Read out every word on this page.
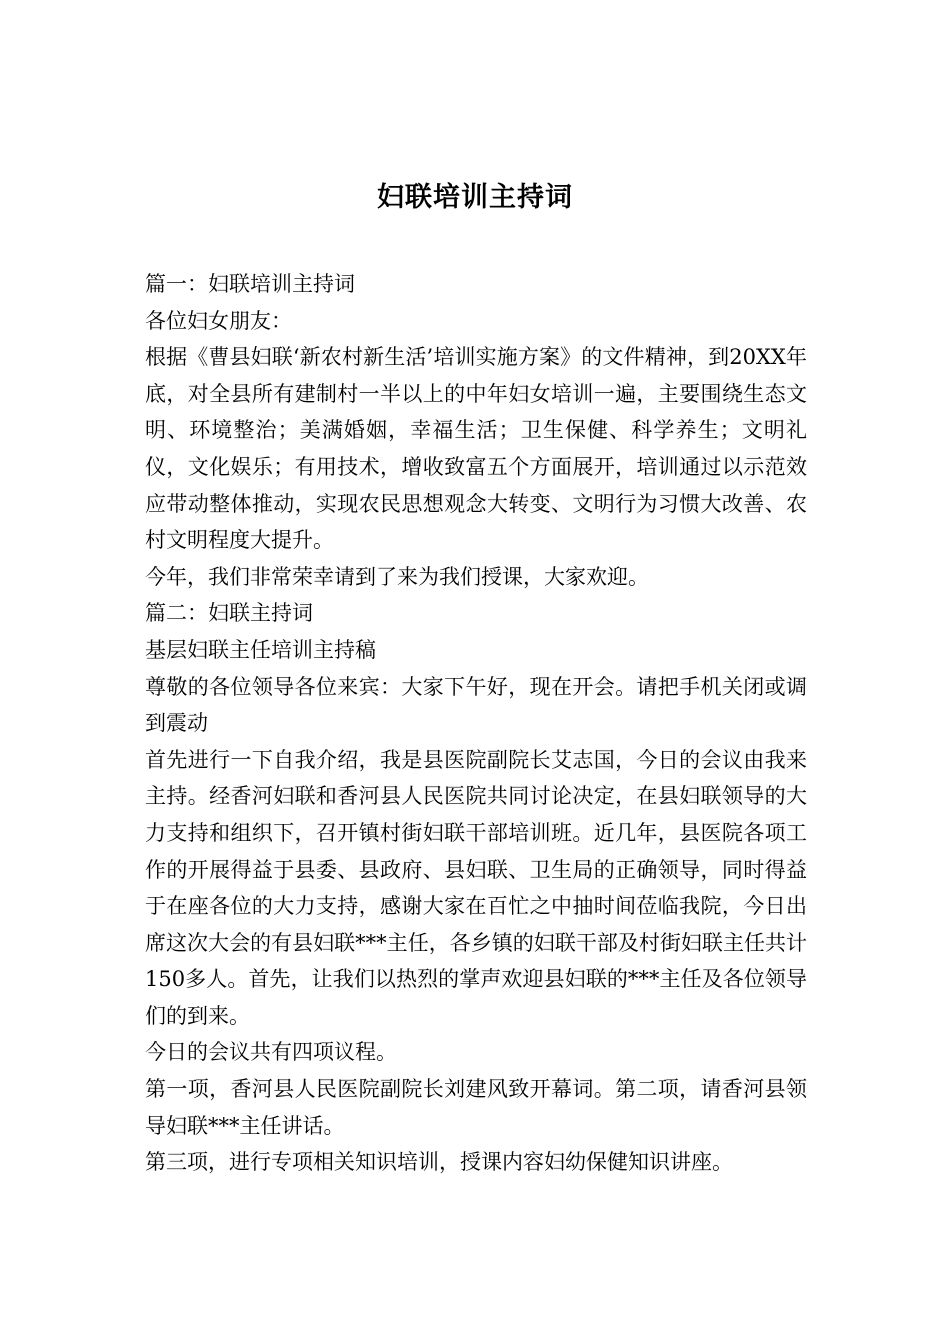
妇联培训主持词

篇一：妇联培训主持词

各位妇女朋友：

根据《曹县妇联‘新农村新生活’培训实施方案》的文件精神，到20XX年底，对全县所有建制村一半以上的中年妇女培训一遍，主要围绕生态文明、环境整治；美满婚姻，幸福生活；卫生保健、科学养生；文明礼仪，文化娱乐；有用技术，增收致富五个方面展开，培训通过以示范效应带动整体推动，实现农民思想观念大转变、文明行为习惯大改善、农村文明程度大提升。

今年，我们非常荣幸请到了来为我们授课，大家欢迎。

篇二：妇联主持词

基层妇联主任培训主持稿

尊敬的各位领导各位来宾：大家下午好，现在开会。请把手机关闭或调到震动

首先进行一下自我介绍，我是县医院副院长艾志国，今日的会议由我来主持。经香河妇联和香河县人民医院共同讨论决定，在县妇联领导的大力支持和组织下，召开镇村街妇联干部培训班。近几年，县医院各项工作的开展得益于县委、县政府、县妇联、卫生局的正确领导，同时得益于在座各位的大力支持，感谢大家在百忙之中抽时间莅临我院，今日出席这次大会的有县妇联***主任，各乡镇的妇联干部及村街妇联主任共计150多人。首先，让我们以热烈的掌声欢迎县妇联的***主任及各位领导们的到来。

今日的会议共有四项议程。

第一项，香河县人民医院副院长刘建风致开幕词。第二项，请香河县领导妇联***主任讲话。

第三项，进行专项相关知识培训，授课内容妇幼保健知识讲座。
